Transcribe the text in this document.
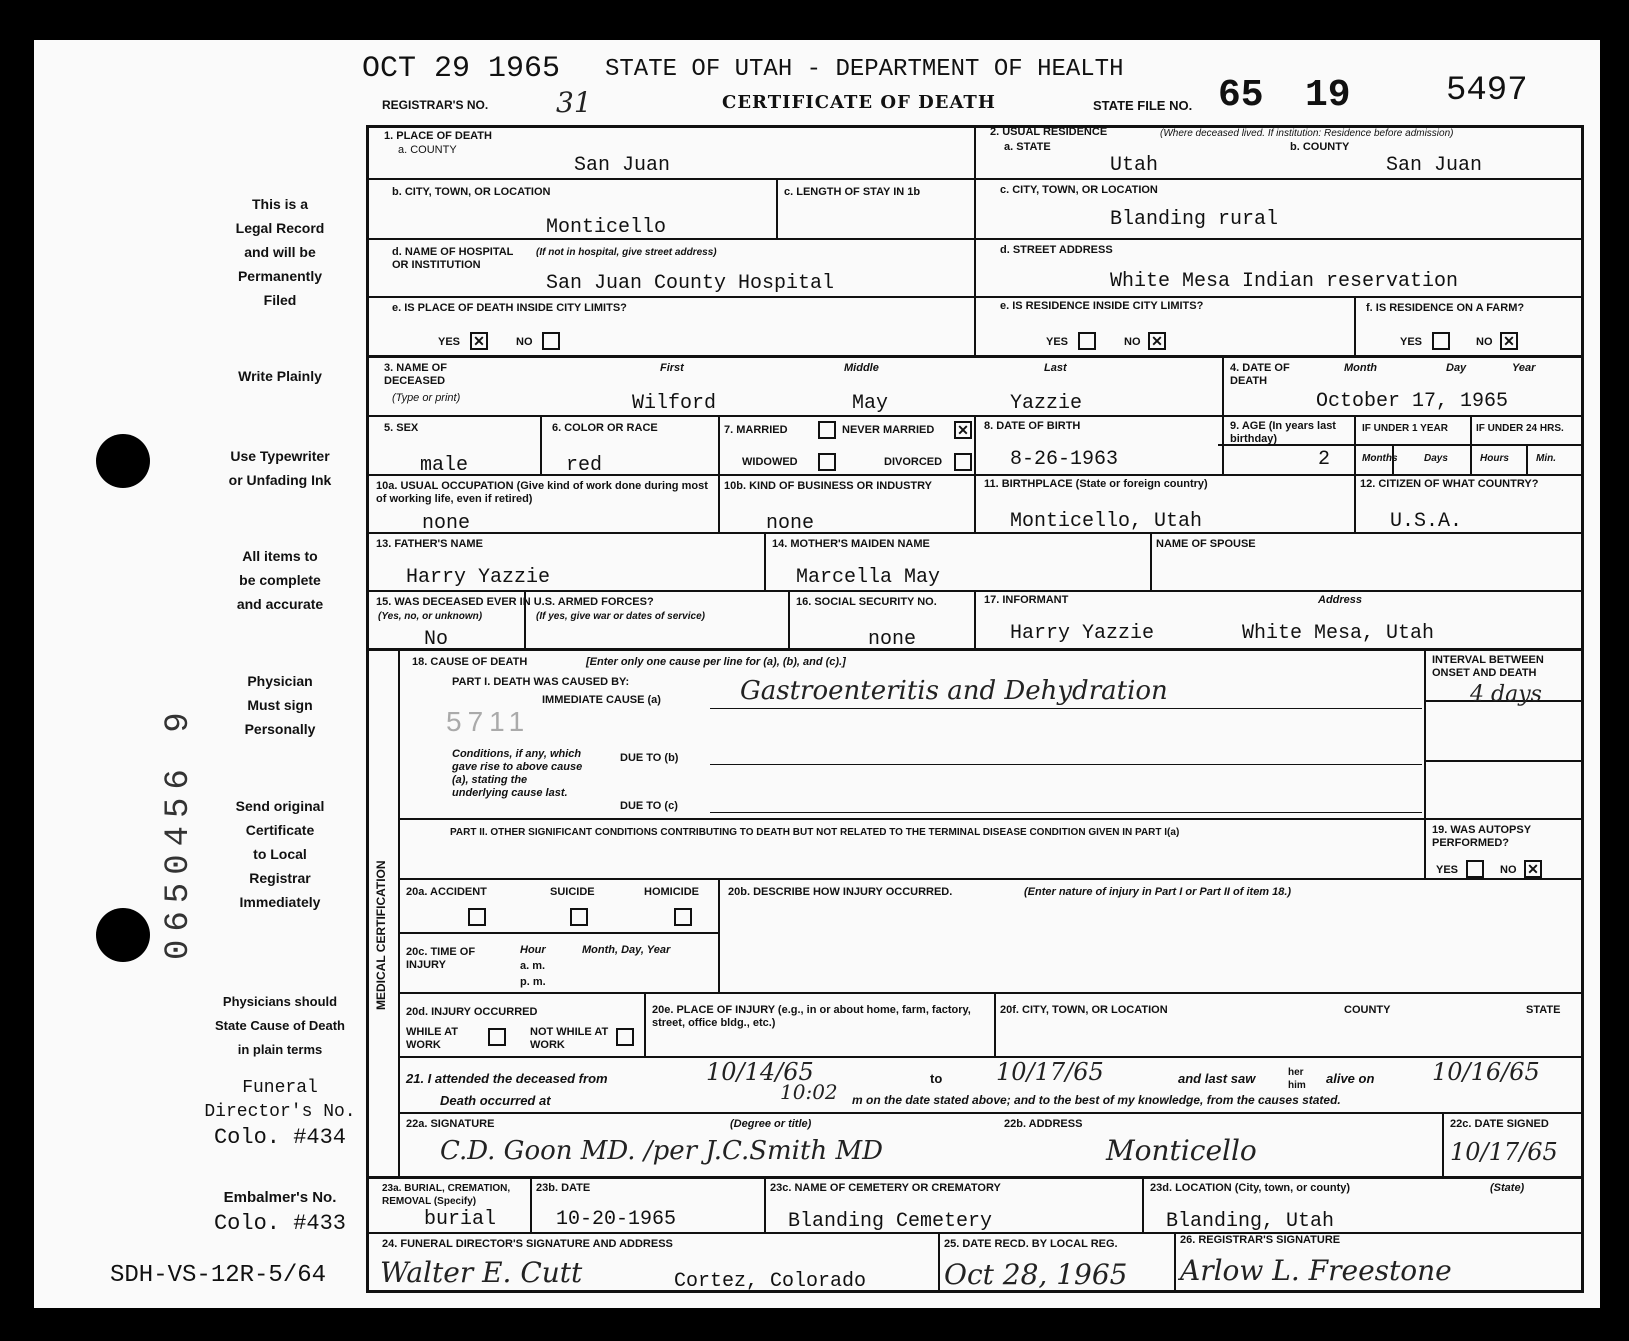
OCT 29 1965 STATE OF UTAH - DEPARTMENT OF HEALTH
REGISTRAR'S NO. 31	CERTIFICATE OF DEATH	STATE FILE NO. 65 19	5497
This is a
Legal Record
and will be
Permanently
Filed
Write Plainly
Use Typewriter
or Unfading Ink
All items to
be complete
and accurate
Physician
Must sign
Personally
Send original
Certificate
to Local
Registrar
Immediately
Physicians should
State Cause of Death
in plain terms
Funeral
Director's No.
Colo. #434
Embalmer's No.
Colo. #433
SDH-VS-12R-5/64
0650456 9
1. PLACE OF DEATH
a. COUNTY
San Juan
2. USUAL RESIDENCE	(Where deceased lived. If institution: Residence before admission)
a. STATE	b. COUNTY
Utah	San Juan
b. CITY, TOWN, OR LOCATION
Monticello
c. LENGTH OF STAY IN 1b	c. CITY, TOWN, OR LOCATION
Blanding rural
d. NAME OF HOSPITAL OR INSTITUTION
(If not in hospital, give street address)
San Juan County Hospital
d. STREET ADDRESS
White Mesa Indian reservation
e. IS PLACE OF DEATH INSIDE CITY LIMITS?
YES
✕	NO
e. IS RESIDENCE INSIDE CITY LIMITS?
YES	NO
✕
f. IS RESIDENCE ON A FARM?
YES	NO
✕
3. NAME OF DECEASED
(Type or print)
First	Middle	Last
Wilford	May	Yazzie
4. DATE OF DEATH
Month	Day	Year
October 17, 1965
5. SEX
male
6. COLOR OR RACE
red
7. MARRIED	NEVER MARRIED
✕
WIDOWED	DIVORCED
8. DATE OF BIRTH
8-26-1963
9. AGE (In years last birthday)
2
IF UNDER 1 YEAR	IF UNDER 24 HRS.
Months	Days	Hours	Min.
10a. USUAL OCCUPATION (Give kind of work done during most of working life, even if retired)
none
10b. KIND OF BUSINESS OR INDUSTRY
none
11. BIRTHPLACE (State or foreign country)
Monticello, Utah
12. CITIZEN OF WHAT COUNTRY?
U.S.A.
13. FATHER'S NAME
Harry Yazzie
14. MOTHER'S MAIDEN NAME
Marcella May
NAME OF SPOUSE
15. WAS DECEASED EVER IN U.S. ARMED FORCES?
(Yes, no, or unknown)	(If yes, give war or dates of service)
No
16. SOCIAL SECURITY NO.
none
17. INFORMANT	Address
Harry Yazzie	White Mesa, Utah
MEDICAL CERTIFICATION
18. CAUSE OF DEATH	[Enter only one cause per line for (a), (b), and (c).]
PART I. DEATH WAS CAUSED BY:
IMMEDIATE CAUSE (a)	Gastroenteritis and Dehydration	4 days
5711
INTERVAL BETWEEN ONSET AND DEATH
Conditions, if any, which gave rise to above cause (a), stating the underlying cause last.
DUE TO (b)
DUE TO (c)
PART II. OTHER SIGNIFICANT CONDITIONS CONTRIBUTING TO DEATH BUT NOT RELATED TO THE TERMINAL DISEASE CONDITION GIVEN IN PART I(a)	19. WAS AUTOPSY PERFORMED?
YES	NO
✕
20a. ACCIDENT	SUICIDE	HOMICIDE	20b. DESCRIBE HOW INJURY OCCURRED.	(Enter nature of injury in Part I or Part II of item 18.)
20c. TIME OF INJURY
Hour
a. m.
p. m.
Month, Day, Year
20d. INJURY OCCURRED
WHILE AT WORK
NOT WHILE AT WORK
20e. PLACE OF INJURY (e.g., in or about home, farm, factory, street, office bldg., etc.)
20f. CITY, TOWN, OR LOCATION	COUNTY	STATE
21. I attended the deceased from	10/14/65	to 10/17/65	and last saw	her him	alive on 10/16/65
Death occurred at	10:02 m on the date stated above; and to the best of my knowledge, from the causes stated.
22a. SIGNATURE	(Degree or title)
C.D. Goon MD. /per J.C.Smith MD
22b. ADDRESS
Monticello
22c. DATE SIGNED
10/17/65
23a. BURIAL, CREMATION, REMOVAL (Specify)
burial
23b. DATE
10-20-1965
23c. NAME OF CEMETERY OR CREMATORY
Blanding Cemetery
23d. LOCATION (City, town, or county)	(State)
Blanding, Utah
24. FUNERAL DIRECTOR'S SIGNATURE AND ADDRESS
Walter E. Cutt	Cortez, Colorado
25. DATE RECD. BY LOCAL REG.
Oct 28, 1965
26. REGISTRAR'S SIGNATURE
Arlow L. Freestone
